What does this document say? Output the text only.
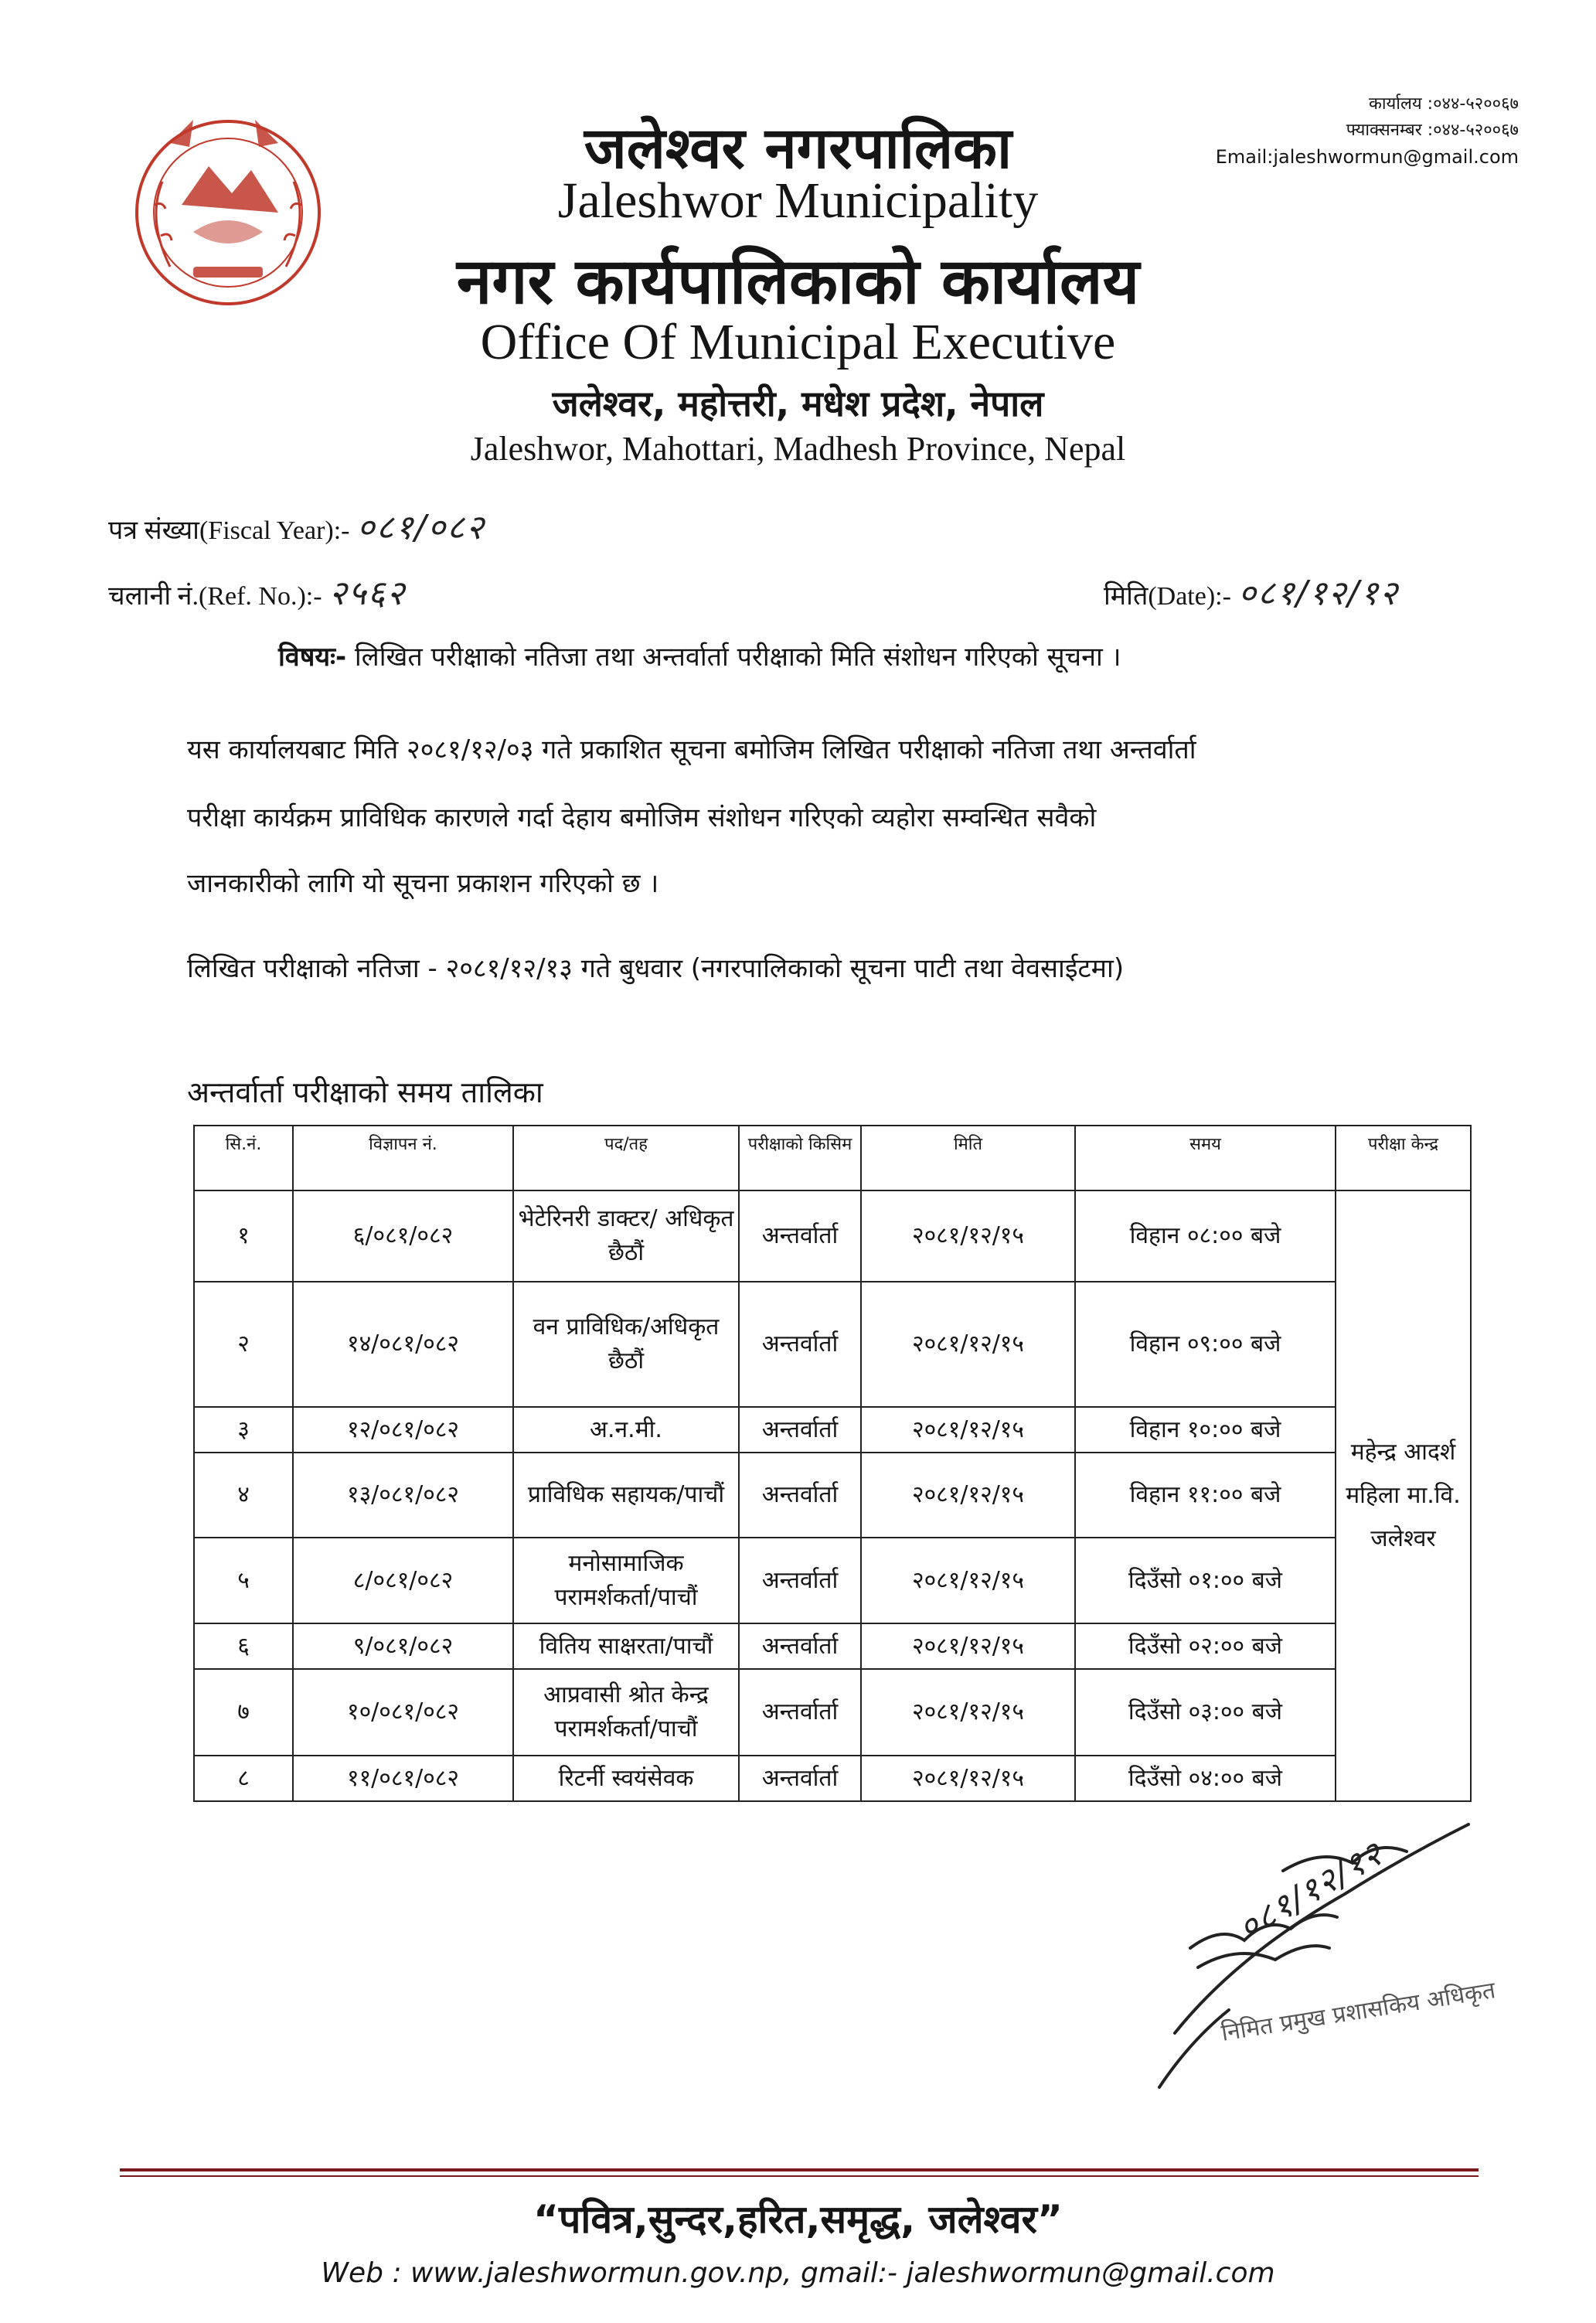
जलेश्वर नगरपालिका
Jaleshwor Municipality
नगर कार्यपालिकाको कार्यालय
Office Of Municipal Executive
जलेश्वर, महोत्तरी, मधेश प्रदेश, नेपाल
Jaleshwor, Mahottari, Madhesh Province, Nepal
कार्यालय :०४४-५२००६७
फ्याक्सनम्बर :०४४-५२००६७
Email:jaleshwormun@gmail.com
पत्र संख्या(Fiscal Year):- ०८१/०८२
चलानी नं.(Ref. No.):- २५६२	मिति(Date):- ०८१/१२/१२
विषयः- लिखित परीक्षाको नतिजा तथा अन्तर्वार्ता परीक्षाको मिति संशोधन गरिएको सूचना ।
यस कार्यालयबाट मिति २०८१/१२/०३ गते प्रकाशित सूचना बमोजिम लिखित परीक्षाको नतिजा तथा अन्तर्वार्ता
परीक्षा कार्यक्रम प्राविधिक कारणले गर्दा देहाय बमोजिम संशोधन गरिएको व्यहोरा सम्वन्धित सवैको
जानकारीको लागि यो सूचना प्रकाशन गरिएको छ ।
लिखित परीक्षाको नतिजा - २०८१/१२/१३ गते बुधवार (नगरपालिकाको सूचना पाटी तथा वेवसाईटमा)
अन्तर्वार्ता परीक्षाको समय तालिका
सि.नं.	विज्ञापन नं.	पद/तह	परीक्षाको किसिम	मिति	समय	परीक्षा केन्द्र
१	६/०८१/०८२	भेटेरिनरी डाक्टर/ अधिकृत छैठौं	अन्तर्वार्ता	२०८१/१२/१५	विहान ०८:०० बजे	महेन्द्र आदर्श महिला मा.वि. जलेश्वर
२	१४/०८१/०८२	वन प्राविधिक/अधिकृत छैठौं	अन्तर्वार्ता	२०८१/१२/१५	विहान ०९:०० बजे	
३	१२/०८१/०८२	अ.न.मी.	अन्तर्वार्ता	२०८१/१२/१५	विहान १०:०० बजे	
४	१३/०८१/०८२	प्राविधिक सहायक/पाचौं	अन्तर्वार्ता	२०८१/१२/१५	विहान ११:०० बजे	
५	८/०८१/०८२	मनोसामाजिक परामर्शकर्ता/पाचौं	अन्तर्वार्ता	२०८१/१२/१५	दिउँसो ०१:०० बजे	
६	९/०८१/०८२	वितिय साक्षरता/पाचौं	अन्तर्वार्ता	२०८१/१२/१५	दिउँसो ०२:०० बजे	
७	१०/०८१/०८२	आप्रवासी श्रोत केन्द्र परामर्शकर्ता/पाचौं	अन्तर्वार्ता	२०८१/१२/१५	दिउँसो ०३:०० बजे	
८	११/०८१/०८२	रिटर्नी स्वयंसेवक	अन्तर्वार्ता	२०८१/१२/१५	दिउँसो ०४:०० बजे	
०८१/१२/१२
निमित प्रमुख प्रशासकिय अधिकृत
“पवित्र,सुन्दर,हरित,समृद्ध, जलेश्वर”
Web : www.jaleshwormun.gov.np, gmail:- jaleshwormun@gmail.com
